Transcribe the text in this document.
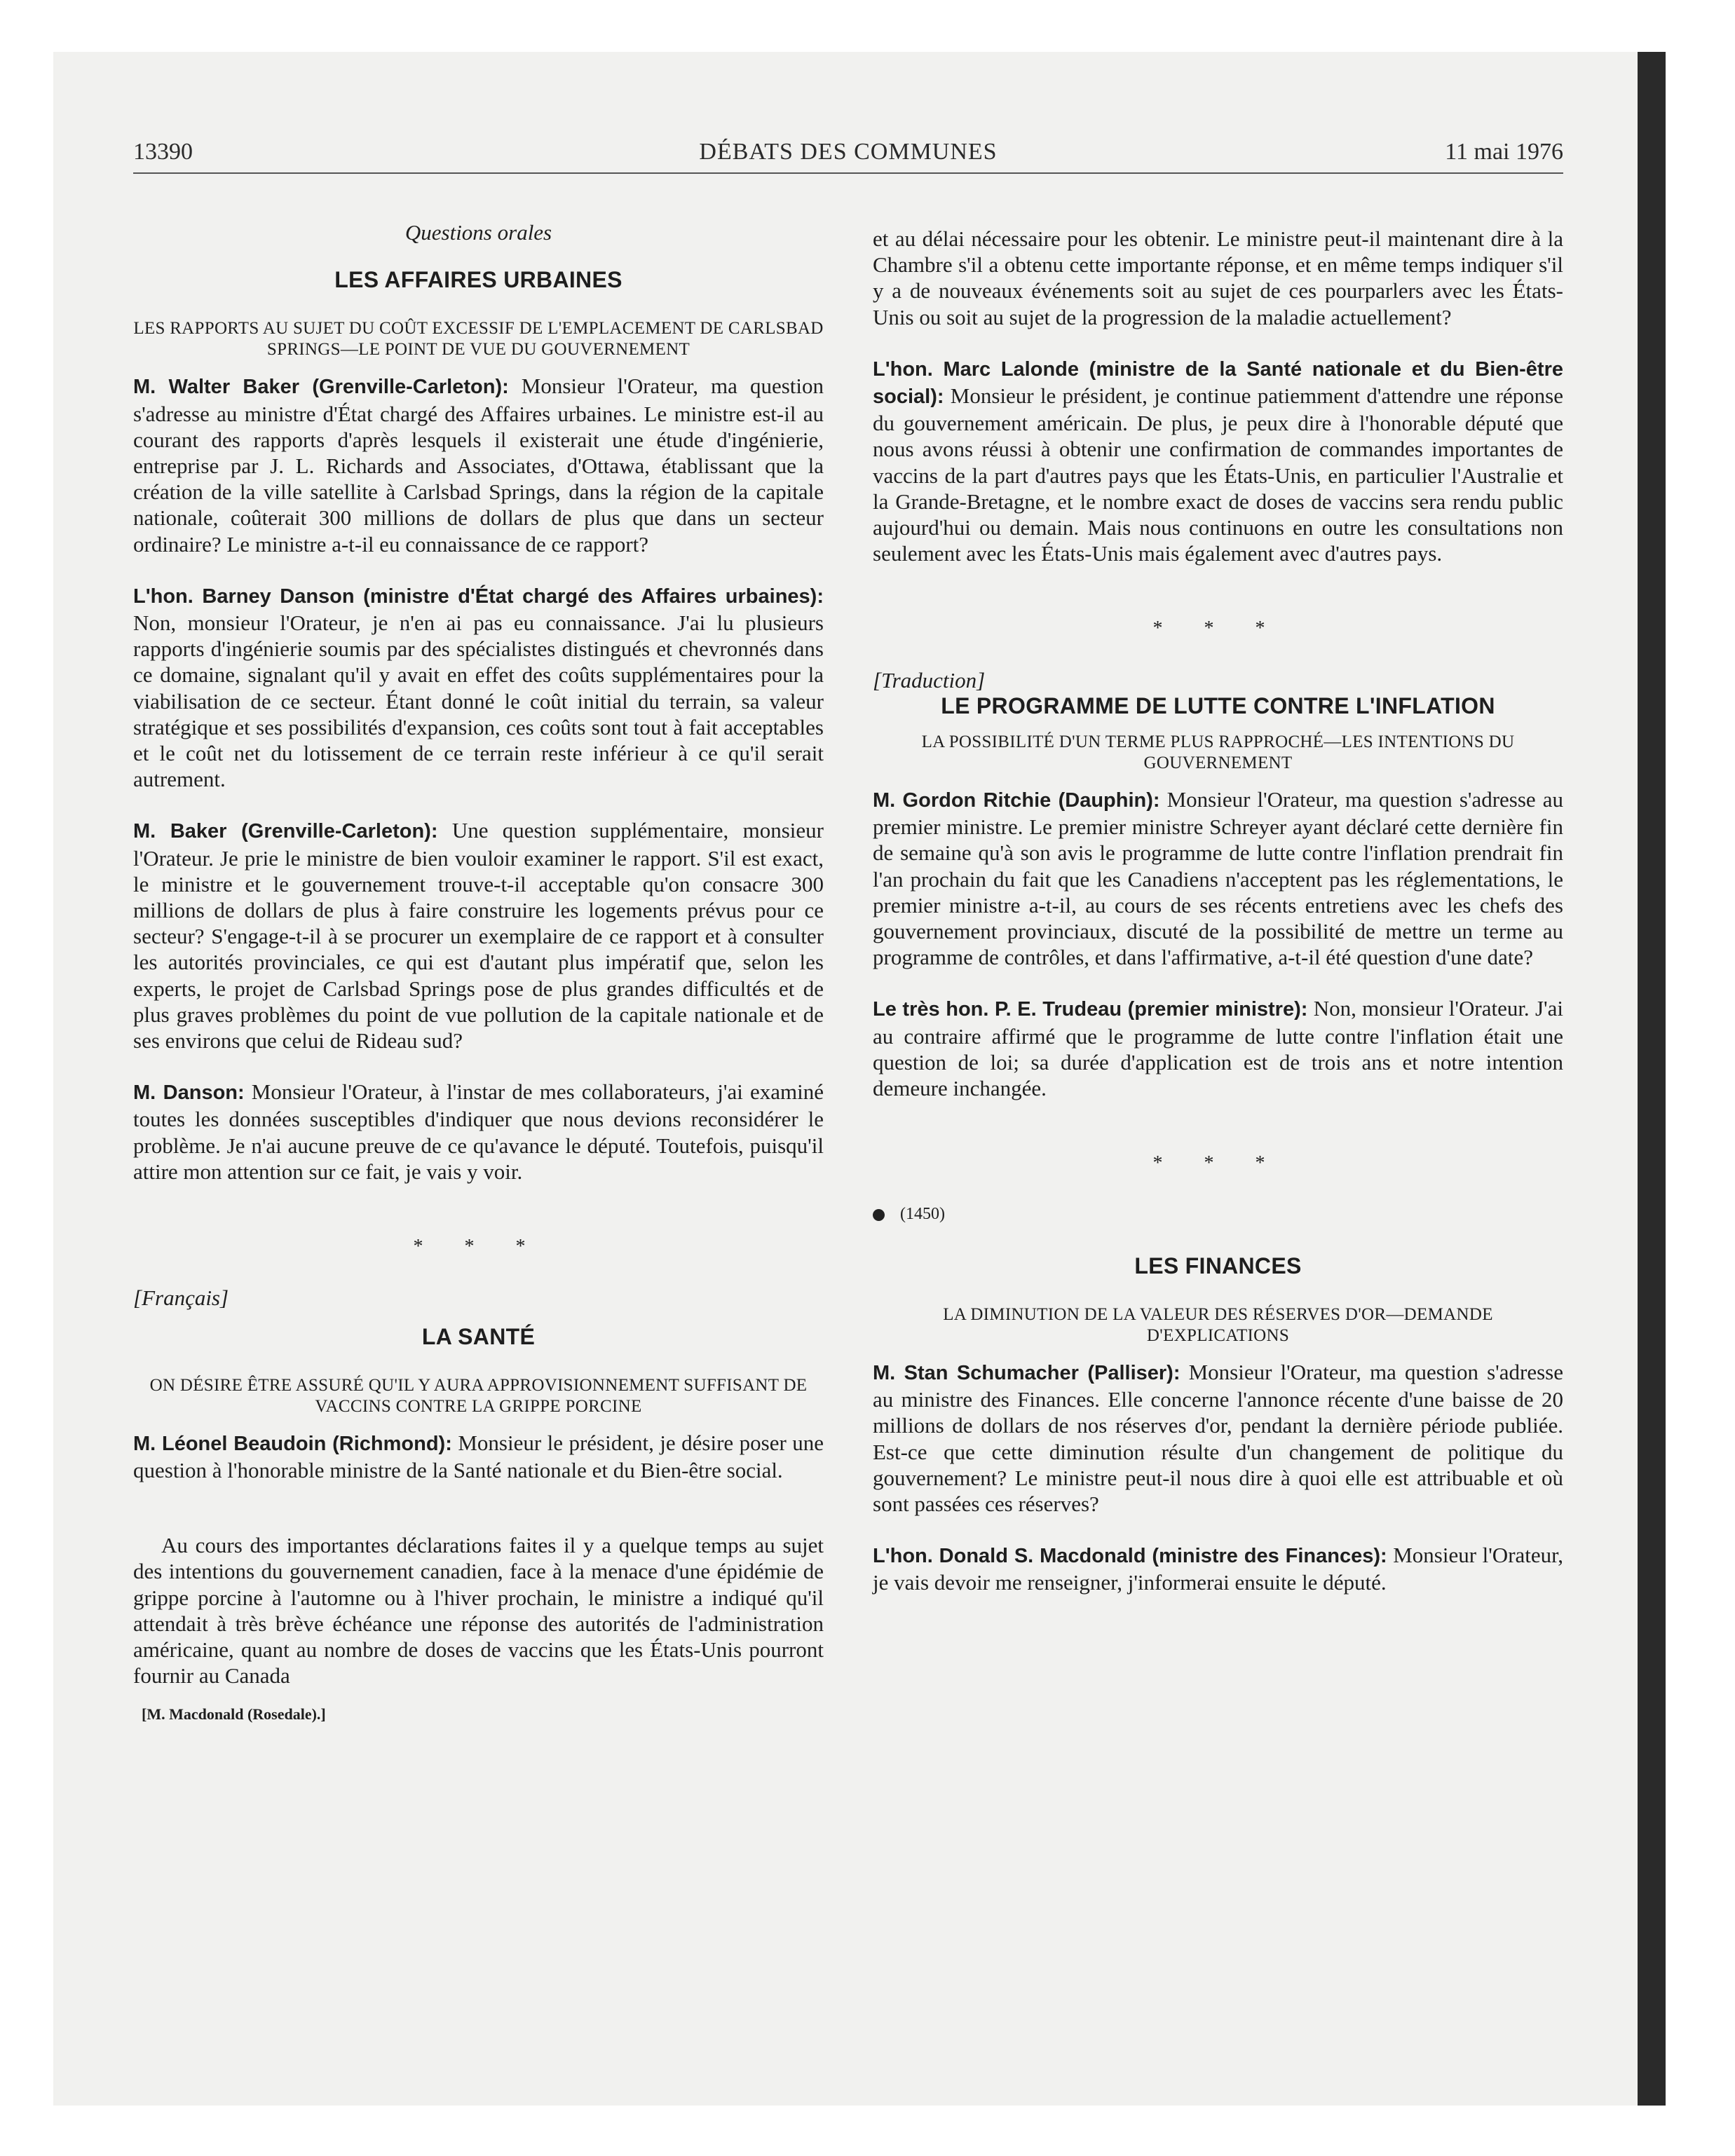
13390	DÉBATS DES COMMUNES	11 mai 1976

Questions orales

LES AFFAIRES URBAINES

LES RAPPORTS AU SUJET DU COÛT EXCESSIF DE L'EMPLACEMENT DE CARLSBAD SPRINGS—LE POINT DE VUE DU GOUVERNEMENT

M. Walter Baker (Grenville-Carleton): Monsieur l'Orateur, ma question s'adresse au ministre d'État chargé des Affaires urbaines. Le ministre est-il au courant des rapports d'après lesquels il existerait une étude d'ingénierie, entreprise par J. L. Richards and Associates, d'Ottawa, établissant que la création de la ville satellite à Carlsbad Springs, dans la région de la capitale nationale, coûterait 300 millions de dollars de plus que dans un secteur ordinaire? Le ministre a-t-il eu connaissance de ce rapport?

L'hon. Barney Danson (ministre d'État chargé des Affaires urbaines): Non, monsieur l'Orateur, je n'en ai pas eu connaissance. J'ai lu plusieurs rapports d'ingénierie soumis par des spécialistes distingués et chevronnés dans ce domaine, signalant qu'il y avait en effet des coûts supplémentaires pour la viabilisation de ce secteur. Étant donné le coût initial du terrain, sa valeur stratégique et ses possibilités d'expansion, ces coûts sont tout à fait acceptables et le coût net du lotissement de ce terrain reste inférieur à ce qu'il serait autrement.

M. Baker (Grenville-Carleton): Une question supplémentaire, monsieur l'Orateur. Je prie le ministre de bien vouloir examiner le rapport. S'il est exact, le ministre et le gouvernement trouve-t-il acceptable qu'on consacre 300 millions de dollars de plus à faire construire les logements prévus pour ce secteur? S'engage-t-il à se procurer un exemplaire de ce rapport et à consulter les autorités provinciales, ce qui est d'autant plus impératif que, selon les experts, le projet de Carlsbad Springs pose de plus grandes difficultés et de plus graves problèmes du point de vue pollution de la capitale nationale et de ses environs que celui de Rideau sud?

M. Danson: Monsieur l'Orateur, à l'instar de mes collaborateurs, j'ai examiné toutes les données susceptibles d'indiquer que nous devions reconsidérer le problème. Je n'ai aucune preuve de ce qu'avance le député. Toutefois, puisqu'il attire mon attention sur ce fait, je vais y voir.

* * *

[Français]

LA SANTÉ

ON DÉSIRE ÊTRE ASSURÉ QU'IL Y AURA APPROVISIONNEMENT SUFFISANT DE VACCINS CONTRE LA GRIPPE PORCINE

M. Léonel Beaudoin (Richmond): Monsieur le président, je désire poser une question à l'honorable ministre de la Santé nationale et du Bien-être social.

Au cours des importantes déclarations faites il y a quelque temps au sujet des intentions du gouvernement canadien, face à la menace d'une épidémie de grippe porcine à l'automne ou à l'hiver prochain, le ministre a indiqué qu'il attendait à très brève échéance une réponse des autorités de l'administration américaine, quant au nombre de doses de vaccins que les États-Unis pourront fournir au Canada

[M. Macdonald (Rosedale).]

et au délai nécessaire pour les obtenir. Le ministre peut-il maintenant dire à la Chambre s'il a obtenu cette importante réponse, et en même temps indiquer s'il y a de nouveaux événements soit au sujet de ces pourparlers avec les États-Unis ou soit au sujet de la progression de la maladie actuellement?

L'hon. Marc Lalonde (ministre de la Santé nationale et du Bien-être social): Monsieur le président, je continue patiemment d'attendre une réponse du gouvernement américain. De plus, je peux dire à l'honorable député que nous avons réussi à obtenir une confirmation de commandes importantes de vaccins de la part d'autres pays que les États-Unis, en particulier l'Australie et la Grande-Bretagne, et le nombre exact de doses de vaccins sera rendu public aujourd'hui ou demain. Mais nous continuons en outre les consultations non seulement avec les États-Unis mais également avec d'autres pays.

* * *

[Traduction]

LE PROGRAMME DE LUTTE CONTRE L'INFLATION

LA POSSIBILITÉ D'UN TERME PLUS RAPPROCHÉ—LES INTENTIONS DU GOUVERNEMENT

M. Gordon Ritchie (Dauphin): Monsieur l'Orateur, ma question s'adresse au premier ministre. Le premier ministre Schreyer ayant déclaré cette dernière fin de semaine qu'à son avis le programme de lutte contre l'inflation prendrait fin l'an prochain du fait que les Canadiens n'acceptent pas les réglementations, le premier ministre a-t-il, au cours de ses récents entretiens avec les chefs des gouvernement provinciaux, discuté de la possibilité de mettre un terme au programme de contrôles, et dans l'affirmative, a-t-il été question d'une date?

Le très hon. P. E. Trudeau (premier ministre): Non, monsieur l'Orateur. J'ai au contraire affirmé que le programme de lutte contre l'inflation était une question de loi; sa durée d'application est de trois ans et notre intention demeure inchangée.

* * *

(1450)

LES FINANCES

LA DIMINUTION DE LA VALEUR DES RÉSERVES D'OR—DEMANDE D'EXPLICATIONS

M. Stan Schumacher (Palliser): Monsieur l'Orateur, ma question s'adresse au ministre des Finances. Elle concerne l'annonce récente d'une baisse de 20 millions de dollars de nos réserves d'or, pendant la dernière période publiée. Est-ce que cette diminution résulte d'un changement de politique du gouvernement? Le ministre peut-il nous dire à quoi elle est attribuable et où sont passées ces réserves?

L'hon. Donald S. Macdonald (ministre des Finances): Monsieur l'Orateur, je vais devoir me renseigner, j'informerai ensuite le député.
